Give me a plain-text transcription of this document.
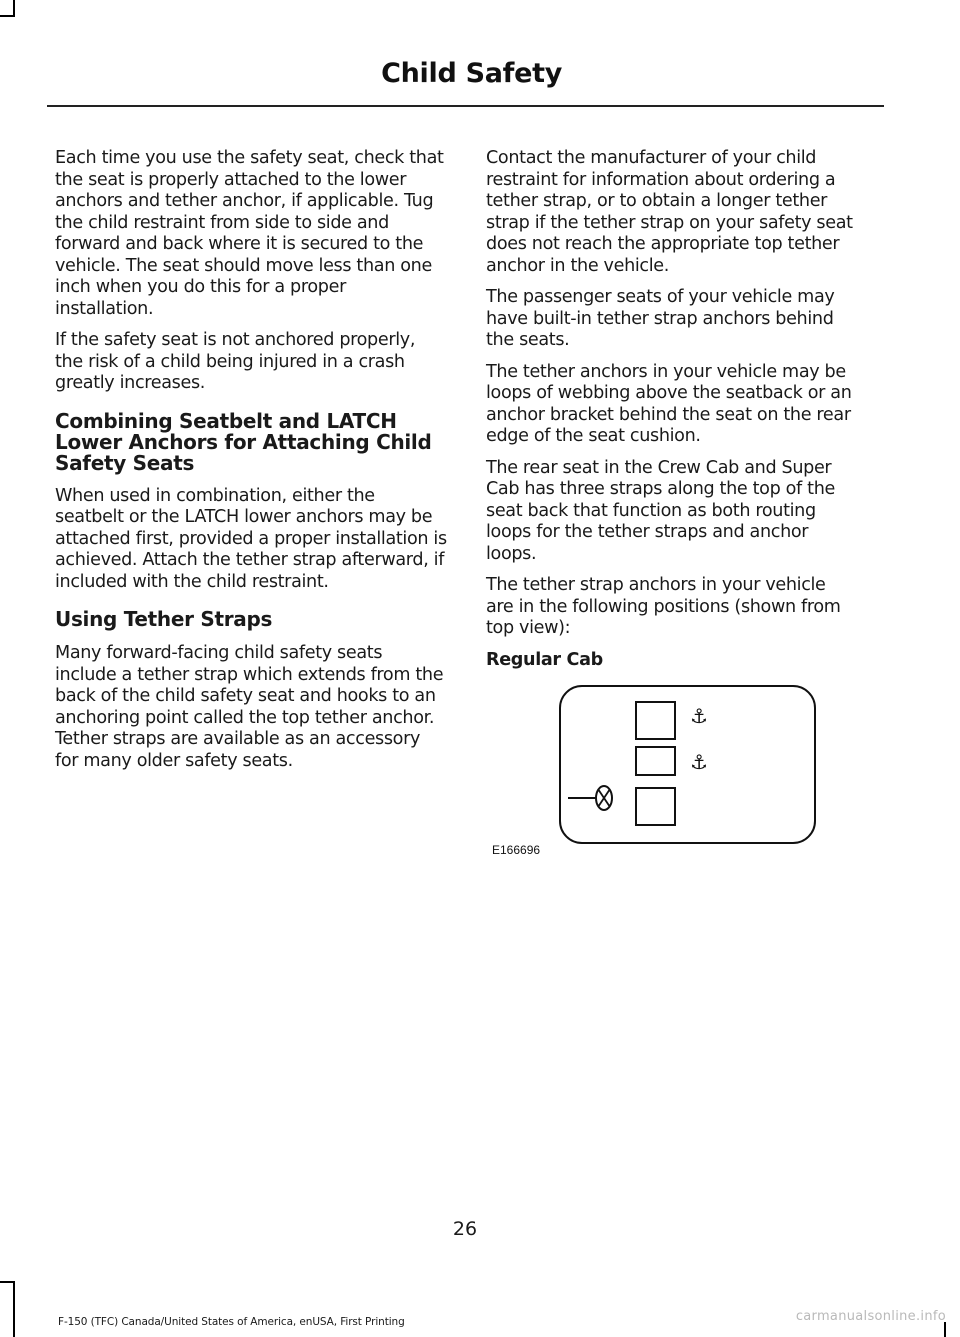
Child Safety

Each time you use the safety seat, check that the seat is properly attached to the lower anchors and tether anchor, if applicable. Tug the child restraint from side to side and forward and back where it is secured to the vehicle. The seat should move less than one inch when you do this for a proper installation.

If the safety seat is not anchored properly, the risk of a child being injured in a crash greatly increases.

Combining Seatbelt and LATCH Lower Anchors for Attaching Child Safety Seats

When used in combination, either the seatbelt or the LATCH lower anchors may be attached first, provided a proper installation is achieved. Attach the tether strap afterward, if included with the child restraint.

Using Tether Straps

Many forward-facing child safety seats include a tether strap which extends from the back of the child safety seat and hooks to an anchoring point called the top tether anchor. Tether straps are available as an accessory for many older safety seats.

Contact the manufacturer of your child restraint for information about ordering a tether strap, or to obtain a longer tether strap if the tether strap on your safety seat does not reach the appropriate top tether anchor in the vehicle.

The passenger seats of your vehicle may have built-in tether strap anchors behind the seats.

The tether anchors in your vehicle may be loops of webbing above the seatback or an anchor bracket behind the seat on the rear edge of the seat cushion.

The rear seat in the Crew Cab and Super Cab has three straps along the top of the seat back that function as both routing loops for the tether straps and anchor loops.

The tether strap anchors in your vehicle are in the following positions (shown from top view):

Regular Cab

⚓
⚓
E166696
26
F-150 (TFC) Canada/United States of America, enUSA, First Printing	carmanualsonline.info
